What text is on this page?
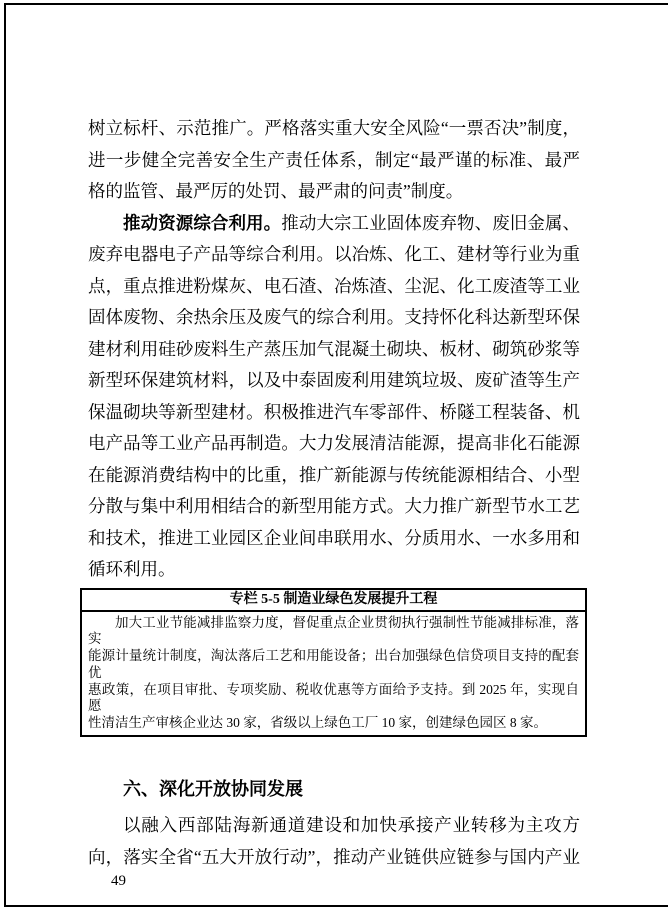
树立标杆、示范推广。严格落实重大安全风险“一票否决”制度，
进一步健全完善安全生产责任体系，制定“最严谨的标准、最严
格的监管、最严厉的处罚、最严肃的问责”制度。
推动资源综合利用。推动大宗工业固体废弃物、废旧金属、
废弃电器电子产品等综合利用。以冶炼、化工、建材等行业为重
点，重点推进粉煤灰、电石渣、冶炼渣、尘泥、化工废渣等工业
固体废物、余热余压及废气的综合利用。支持怀化科达新型环保
建材利用硅砂废料生产蒸压加气混凝土砌块、板材、砌筑砂浆等
新型环保建筑材料，以及中泰固废利用建筑垃圾、废矿渣等生产
保温砌块等新型建材。积极推进汽车零部件、桥隧工程装备、机
电产品等工业产品再制造。大力发展清洁能源，提高非化石能源
在能源消费结构中的比重，推广新能源与传统能源相结合、小型
分散与集中利用相结合的新型用能方式。大力推广新型节水工艺
和技术，推进工业园区企业间串联用水、分质用水、一水多用和
循环利用。
专栏 5-5 制造业绿色发展提升工程
加大工业节能减排监察力度，督促重点企业贯彻执行强制性节能减排标准，落实
能源计量统计制度，淘汰落后工艺和用能设备；出台加强绿色信贷项目支持的配套优
惠政策，在项目审批、专项奖励、税收优惠等方面给予支持。到 2025 年，实现自愿
性清洁生产审核企业达 30 家，省级以上绿色工厂 10 家，创建绿色园区 8 家。
六、深化开放协同发展
以融入西部陆海新通道建设和加快承接产业转移为主攻方
向，落实全省“五大开放行动”，推动产业链供应链参与国内产业
49
